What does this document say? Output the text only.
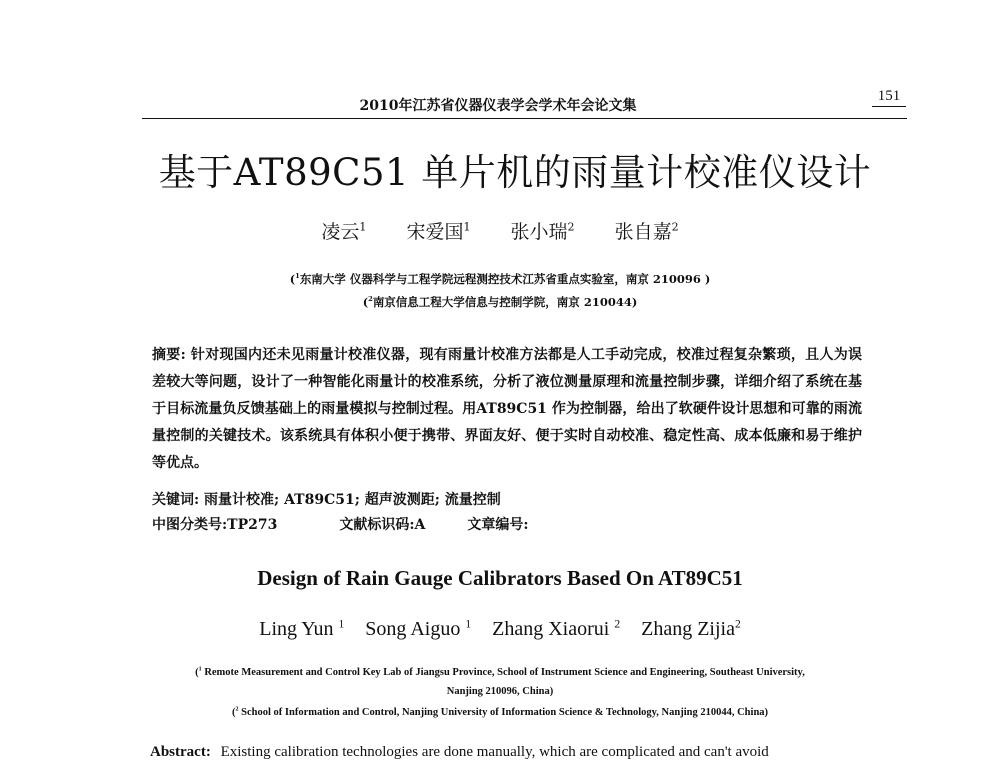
2010年江苏省仪器仪表学会学术年会论文集
151
基于AT89C51 单片机的雨量计校准仪设计
凌云$^1$ 宋爱国$^1$ 张小瑞$^2$ 张自嘉$^2$
($^1$东南大学 仪器科学与工程学院远程测控技术江苏省重点实验室，南京 210096 )
($^2$南京信息工程大学信息与控制学院，南京 210044)
摘要: 针对现国内还未见雨量计校准仪器，现有雨量计校准方法都是人工手动完成，校准过程复杂繁琐，且人为误差较大等问题，设计了一种智能化雨量计的校准系统，分析了液位测量原理和流量控制步骤，详细介绍了系统在基于目标流量负反馈基础上的雨量模拟与控制过程。用AT89C51 作为控制器，给出了软硬件设计思想和可靠的雨流量控制的关键技术。该系统具有体积小便于携带、界面友好、便于实时自动校准、稳定性高、成本低廉和易于维护等优点。
关键词: 雨量计校准; AT89C51; 超声波测距; 流量控制
中图分类号:TP273	文献标识码:A	文章编号:
Design of Rain Gauge Calibrators Based On AT89C51
Ling Yun $^1$ Song Aiguo $^1$ Zhang Xiaorui $^2$ Zhang Zijia$^2$
($^1$ Remote Measurement and Control Key Lab of Jiangsu Province, School of Instrument Science and Engineering, Southeast University,
Nanjing 210096, China)
($^2$ School of Information and Control, Nanjing University of Information Science & Technology, Nanjing 210044, China)
Abstract: Existing calibration technologies are done manually, which are complicated and can't avoid
